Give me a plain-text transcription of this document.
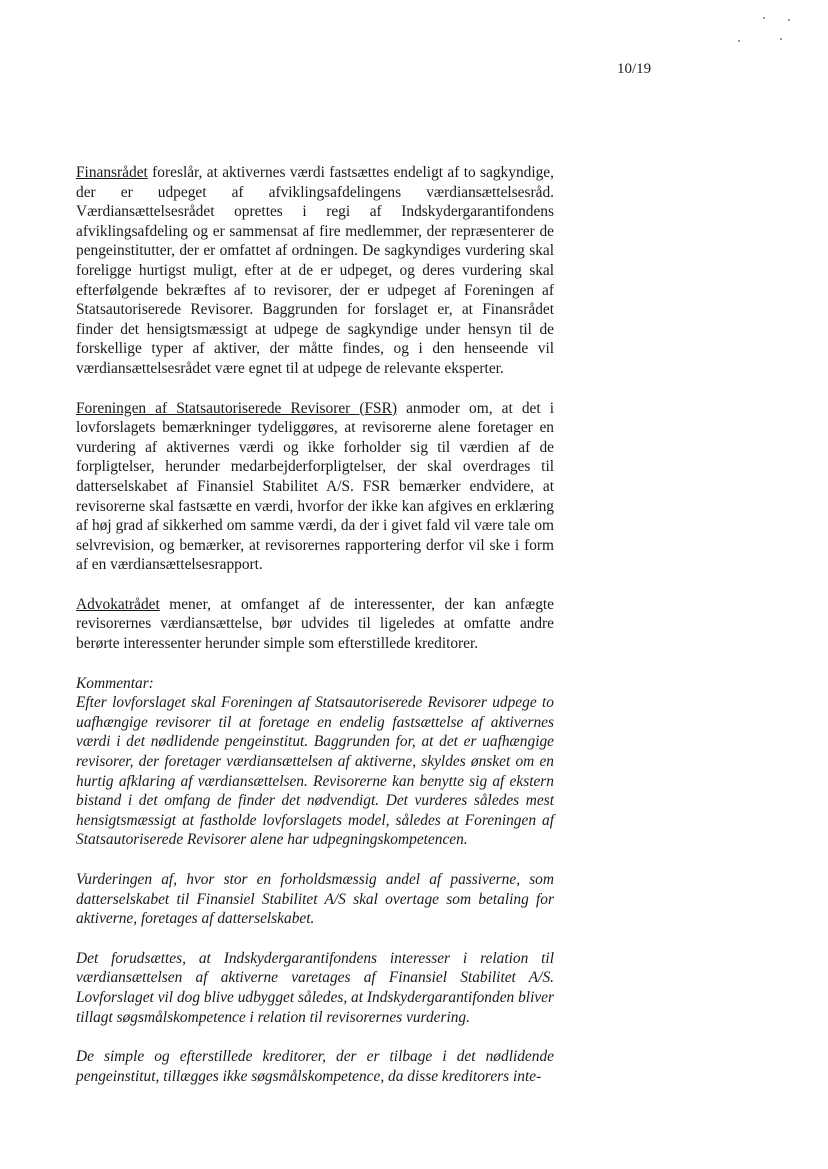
10/19

Finansrådet foreslår, at aktivernes værdi fastsættes endeligt af to sagkyndige, der er udpeget af afviklingsafdelingens værdiansættelsesråd. Værdiansættelsesrådet oprettes i regi af Indskydergarantifondens afviklingsafdeling og er sammensat af fire medlemmer, der repræsenterer de pengeinstitutter, der er omfattet af ordningen. De sagkyndiges vurdering skal foreligge hurtigst muligt, efter at de er udpeget, og deres vurdering skal efterfølgende bekræftes af to revisorer, der er udpeget af Foreningen af Statsautoriserede Revisorer. Baggrunden for forslaget er, at Finansrådet finder det hensigtsmæssigt at udpege de sagkyndige under hensyn til de forskellige typer af aktiver, der måtte findes, og i den henseende vil værdiansættelsesrådet være egnet til at udpege de relevante eksperter.

Foreningen af Statsautoriserede Revisorer (FSR) anmoder om, at det i lovforslagets bemærkninger tydeliggøres, at revisorerne alene foretager en vurdering af aktivernes værdi og ikke forholder sig til værdien af de forpligtelser, herunder medarbejderforpligtelser, der skal overdrages til datterselskabet af Finansiel Stabilitet A/S. FSR bemærker endvidere, at revisorerne skal fastsætte en værdi, hvorfor der ikke kan afgives en erklæring af høj grad af sikkerhed om samme værdi, da der i givet fald vil være tale om selvrevision, og bemærker, at revisorernes rapportering derfor vil ske i form af en værdiansættelsesrapport.

Advokatrådet mener, at omfanget af de interessenter, der kan anfægte revisorernes værdiansættelse, bør udvides til ligeledes at omfatte andre berørte interessenter herunder simple som efterstillede kreditorer.

Kommentar:

Efter lovforslaget skal Foreningen af Statsautoriserede Revisorer udpege to uafhængige revisorer til at foretage en endelig fastsættelse af aktivernes værdi i det nødlidende pengeinstitut. Baggrunden for, at det er uafhængige revisorer, der foretager værdiansættelsen af aktiverne, skyldes ønsket om en hurtig afklaring af værdiansættelsen. Revisorerne kan benytte sig af ekstern bistand i det omfang de finder det nødvendigt. Det vurderes således mest hensigtsmæssigt at fastholde lovforslagets model, således at Foreningen af Statsautoriserede Revisorer alene har udpegningskompetencen.

Vurderingen af, hvor stor en forholdsmæssig andel af passiverne, som datterselskabet til Finansiel Stabilitet A/S skal overtage som betaling for aktiverne, foretages af datterselskabet.

Det forudsættes, at Indskydergarantifondens interesser i relation til værdiansættelsen af aktiverne varetages af Finansiel Stabilitet A/S. Lovforslaget vil dog blive udbygget således, at Indskydergarantifonden bliver tillagt søgsmålskompetence i relation til revisorernes vurdering.

De simple og efterstillede kreditorer, der er tilbage i det nødlidende pengeinstitut, tillægges ikke søgsmålskompetence, da disse kreditorers inte-
